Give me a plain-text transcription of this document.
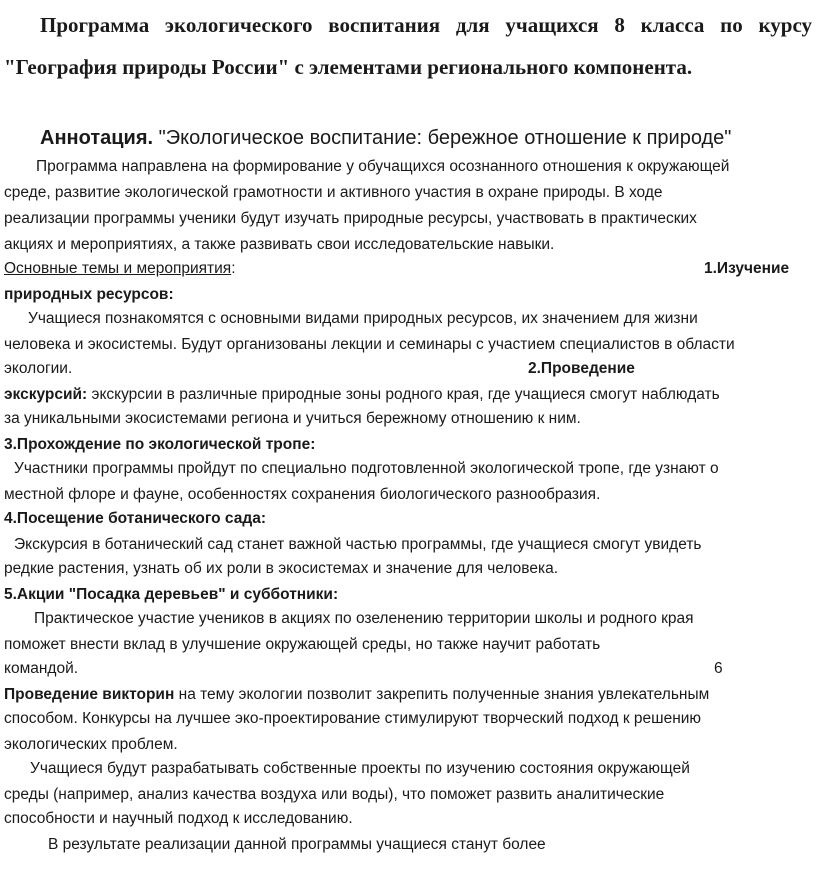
Программа экологического воспитания для учащихся 8 класса по курсу "География природы России" с элементами регионального компонента.

Аннотация. "Экологическое воспитание: бережное отношение к природе"

Программа направлена на формирование у обучащихся осознанного отношения к окружающей
среде, развитие экологической грамотности и активного участия в охране природы. В ходе
реализации программы ученики будут изучать природные ресурсы, участвовать в практических
акциях и мероприятиях, а также развивать свои исследовательские навыки.
Основные темы и мероприятия:	1.Изучение
природных ресурсов:
Учащиеся познакомятся с основными видами природных ресурсов, их значением для жизни
человека и экосистемы. Будут организованы лекции и семинары с участием специалистов в области
экологии.	2.Проведение
экскурсий: экскурсии в различные природные зоны родного края, где учащиеся смогут наблюдать
за уникальными экосистемами региона и учиться бережному отношению к ним.
3.Прохождение по экологической тропе:
Участники программы пройдут по специально подготовленной экологической тропе, где узнают о
местной флоре и фауне, особенностях сохранения биологического разнообразия.
4.Посещение ботанического сада:
Экскурсия в ботанический сад станет важной частью программы, где учащиеся смогут увидеть
редкие растения, узнать об их роли в экосистемах и значение для человека.
5.Акции "Посадка деревьев" и субботники:
Практическое участие учеников в акциях по озеленению территории школы и родного края
поможет внести вклад в улучшение окружающей среды, но также научит работать
командой.	6
Проведение викторин на тему экологии позволит закрепить полученные знания увлекательным
способом. Конкурсы на лучшее эко-проектирование стимулируют творческий подход к решению
экологических проблем.
Учащиеся будут разрабатывать собственные проекты по изучению состояния окружающей
среды (например, анализ качества воздуха или воды), что поможет развить аналитические
способности и научный подход к исследованию.
В результате реализации данной программы учащиеся станут более
